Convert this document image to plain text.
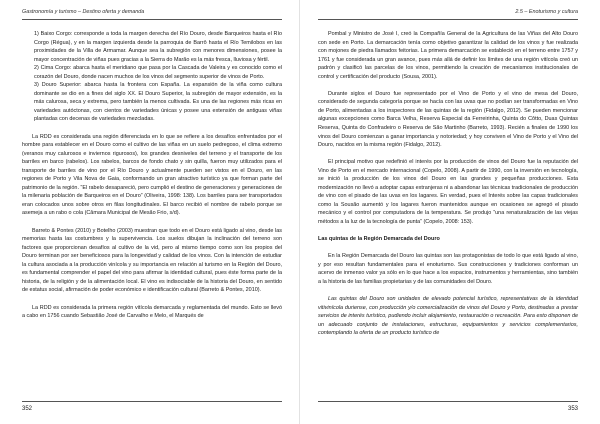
Gastronomía y turismo – Destino oferta y demanda

1) Baixo Corgo: corresponde a toda la margen derecha del Río Douro, desde Barqueiros hasta el Río Corgo (Régua), y en la margen izquierda desde la parroquia de Barrô hasta el Río Temilobos en las proximidades de la Villa de Armamar. Aunque sea la subregión con menores dimensiones, posee la mayor concentración de viñas pues gracias a la Sierra do Marão es la más fresca, lluviosa y fértil.

2) Cima Corgo: abarca hasta el meridiano que pasa por la Cascada de Valeira y es conocido como el corazón del Douro, donde nacen muchos de los vinos del segmento superior de vinos de Porto.

3) Douro Superior: abarca hasta la frontera con España. La expansión de la viña como cultura dominante se dio en a fines del siglo XX. El Douro Superior, la subregión de mayor extensión, es la más calurosa, seca y extrema, pero también la menos cultivada. Es una de las regiones más ricas en variedades autóctonas, con cientos de variedades únicas y posee una extensión de antiguas viñas plantadas con decenas de variedades mezcladas.

La RDD es considerada una región diferenciada en lo que se refiere a los desafíos enfrentados por el hombre para establecer en el Douro como el cultivo de las viñas en un suelo pedregoso, el clima extremo (veranos muy calurosos e inviernos rigurosos), los grandes desniveles del terreno y el transporte de los barriles en barco (rabelos). Los rabelos, barcos de fondo chato y sin quilla, fueron muy utilizados para el transporte de barriles de vino por el Río Douro y actualmente pueden ser vistos en el Douro, en las regiones de Porto y Vila Nova de Gaia, conformando un gran atractivo turístico ya que forman parte del patrimonio de la región. “El rabelo desapareció, pero cumplió el destino de generaciones y generaciones de la milenaria población de Barqueiros en el Douro” (Oliveira, 1998: 138). Los barriles para ser transportados eran colocados unos sobre otros en filas longitudinales. El barco recibió el nombre de rabelo porque se asemeja a un rabo o cola (Câmara Municipal de Mesão Frio, s/d).

Barreto & Pontes (2010) y Botelho (2003) muestran que todo en el Douro está ligado al vino, desde las memorias hasta las costumbres y la supervivencia. Los suelos dibujan la inclinación del terreno son factores que proporcionan desafíos al cultivo de la vid, pero al mismo tiempo como son los propios del Douro terminan por ser beneficiosos para la longevidad y calidad de los vinos. Con la intención de estudiar la cultura asociada a la producción vinícola y su importancia en relación al turismo en la Región del Douro, es fundamental comprender el papel del vino para afirmar la identidad cultural, pues éste forma parte de la historia, de la religión y de la alimentación local. El vino es indisociable de la historia del Douro, en sentido de estatus social, afirmación de poder económico e identificación cultural (Barreto & Pontes, 2010).

La RDD es considerada la primera región vitícola demarcada y reglamentada del mundo. Esto se llevó a cabo en 1756 cuando Sebastião José de Carvalho e Melo, el Marqués de

352
2.5 – Enoturismo y cultura

Pombal y Ministro de José I, creó la Compañía General de la Agricultura de las Viñas del Alto Douro con sede en Porto. La demarcación tenía como objetivo garantizar la calidad de los vinos y fue realizada con mojones de piedra llamados feitorias. La primera demarcación se estableció en el terreno entre 1757 y 1761 y fue considerada un gran avance, pues más allá de definir los límites de una región vitícola creó un padrón y clasificó las parcelas de los vinos, permitiendo la creación de mecanismos institucionales de control y certificación del producto (Sousa, 2001).

Durante siglos el Douro fue representado por el Vino de Porto y el vino de mesa del Douro, considerado de segunda categoría porque se hacía con las uvas que no podían ser transformadas en Vino de Porto, alimentadas a los inspectores de las quintas de la región (Fidalgo, 2012). Se pueden mencionar algunas excepciones como Barca Velha, Reserva Especial da Ferreirinha, Quinta do Côtto, Duas Quintas Reserva, Quinta do Confradeiro o Reserva de São Martinho (Barreto, 1993). Recién a finales de 1990 los vinos del Douro comienzan a ganar importancia y notoriedad; y hoy conviven el Vino de Porto y el Vino del Douro, nacidos en la misma región (Fidalgo, 2012).

El principal motivo que redefinió el interés por la producción de vinos del Douro fue la reputación del Vino de Porto en el mercado internacional (Copelo, 2008). A partir de 1990, con la inversión en tecnología, se inició la producción de los vinos del Douro en las grandes y pequeñas producciones. Esta modernización no llevó a adoptar capas extranjeras ni a abandonar las técnicas tradicionales de producción de vino con el pisado de las uvas en los lagares. En verdad, pues el Interés sobre las capas tradicionales como la Sousão aumentó y los lagares fueron mantenidos aunque en ocasiones se agregó el pisado mecánico y el control por computadora de la temperatura. Se produjo “una renaturalización de las viejas métodos a la luz de la tecnología de punta” (Copelo, 2008: 153).

Las quintas de la Región Demarcada del Douro

En la Región Demarcada del Douro las quintas son las protagonistas de todo lo que está ligado al vino, y por eso resultan fundamentales para el enoturismo. Sus construcciones y tradiciones conforman un acervo de inmenso valor ya sólo en lo que hace a los espacios, instrumentos y herramientas, sino también a la historia de las familias propietarias y de las comunidades del Douro.

Las quintas del Douro son unidades de elevado potencial turístico, representativas de la identidad vitivinícola duriense, con producción y/o comercialización de vinos del Douro y Porto, destinadas a prestar servicios de interés turístico, pudiendo incluir alojamiento, restauración o recreación. Para esto disponen de un adecuado conjunto de instalaciones, estructuras, equipamientos y servicios complementarios, contemplando la oferta de un producto turístico de

353
